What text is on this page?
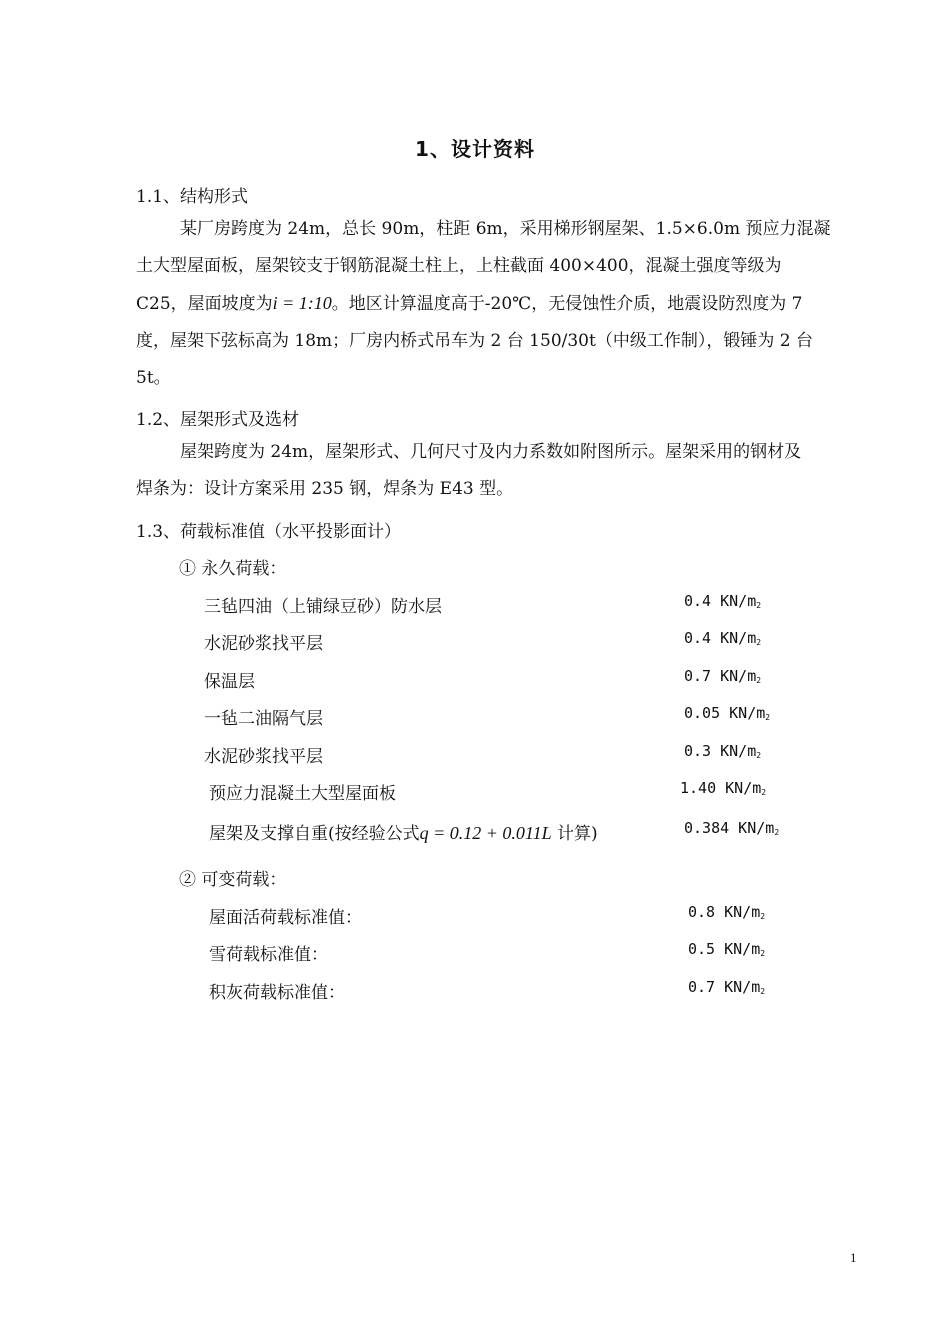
1、设计资料
1.1、结构形式
某厂房跨度为 24m，总长 90m，柱距 6m，采用梯形钢屋架、1.5×6.0m 预应力混凝
土大型屋面板，屋架铰支于钢筋混凝土柱上，上柱截面 400×400，混凝土强度等级为
C25，屋面坡度为i = 1:10。地区计算温度高于-20℃，无侵蚀性介质，地震设防烈度为 7
度，屋架下弦标高为 18m；厂房内桥式吊车为 2 台 150/30t（中级工作制），锻锤为 2 台
5t。
1.2、屋架形式及选材
屋架跨度为 24m，屋架形式、几何尺寸及内力系数如附图所示。屋架采用的钢材及
焊条为：设计方案采用 235 钢，焊条为 E43 型。
1.3、荷载标准值（水平投影面计）
① 永久荷载：
三毡四油（上铺绿豆砂）防水层	0.4 KN/m2
水泥砂浆找平层	0.4 KN/m2
保温层	0.7 KN/m2
一毡二油隔气层	0.05 KN/m2
水泥砂浆找平层	0.3 KN/m2
预应力混凝土大型屋面板	1.40 KN/m2
屋架及支撑自重(按经验公式q = 0.12 + 0.011L 计算)	0.384 KN/m2
② 可变荷载：
屋面活荷载标准值：	0.8 KN/m2
雪荷载标准值：	0.5 KN/m2
积灰荷载标准值：	0.7 KN/m2
1
